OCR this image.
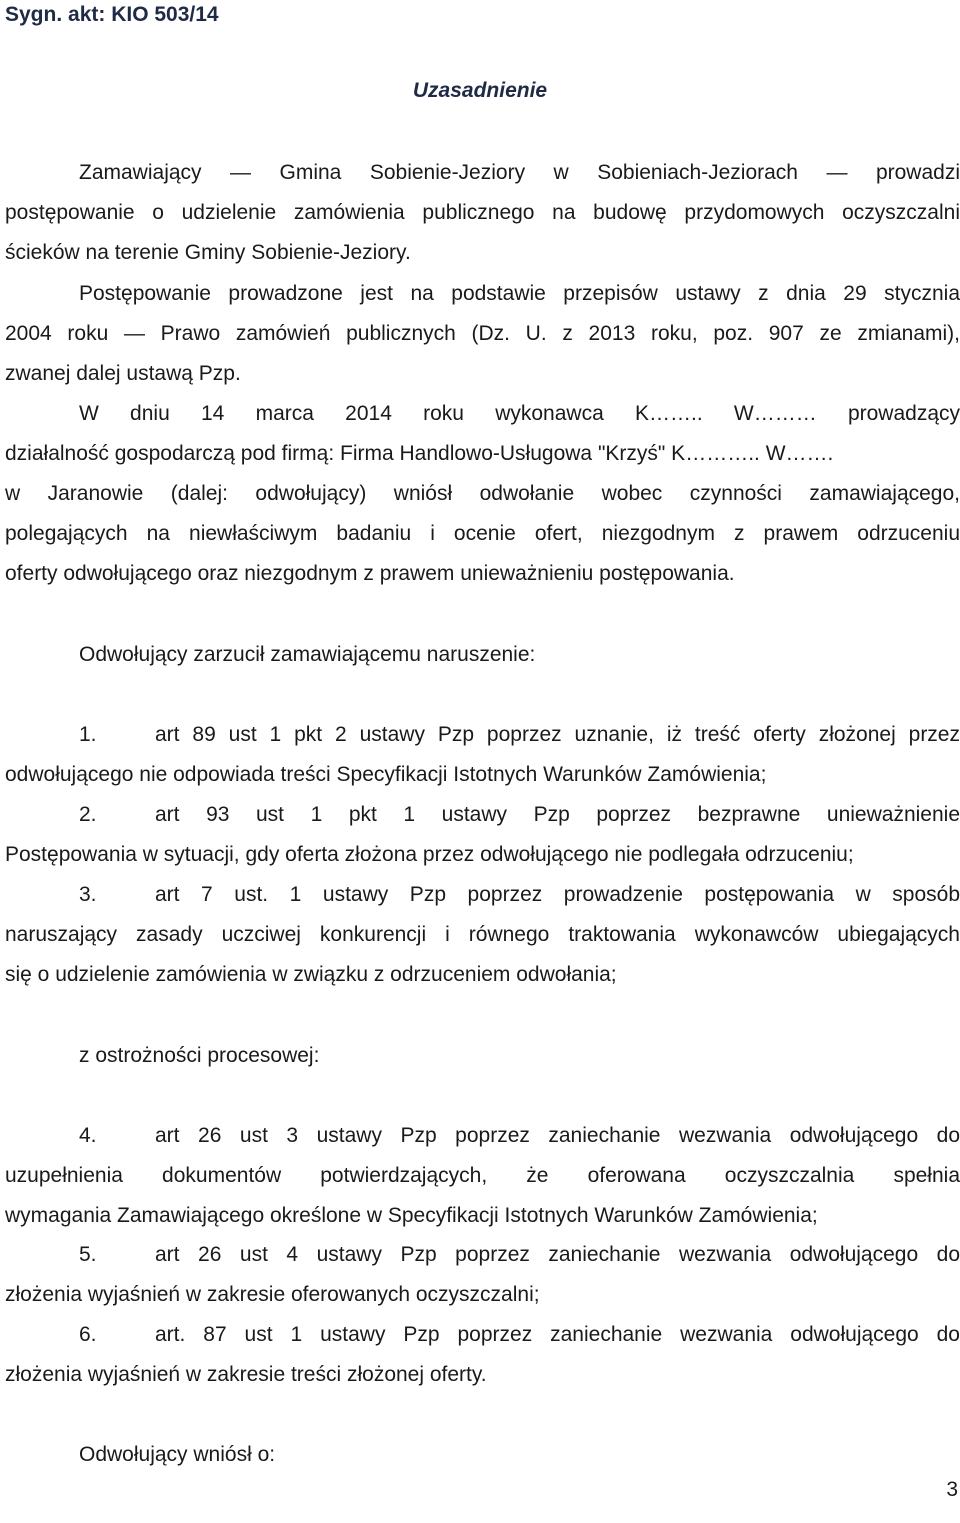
Sygn. akt: KIO 503/14
Uzasadnienie
Zamawiający — Gmina Sobienie-Jeziory w Sobieniach-Jeziorach — prowadzi
postępowanie o udzielenie zamówienia publicznego na budowę przydomowych oczyszczalni
ścieków na terenie Gminy Sobienie-Jeziory.
Postępowanie prowadzone jest na podstawie przepisów ustawy z dnia 29 stycznia
2004 roku — Prawo zamówień publicznych (Dz. U. z 2013 roku, poz. 907 ze zmianami),
zwanej dalej ustawą Pzp.
W dniu 14 marca 2014 roku wykonawca K…….. W……… prowadzący
działalność gospodarczą pod firmą: Firma Handlowo-Usługowa "Krzyś" K……….. W…….
w Jaranowie (dalej: odwołujący) wniósł odwołanie wobec czynności zamawiającego,
polegających na niewłaściwym badaniu i ocenie ofert, niezgodnym z prawem odrzuceniu
oferty odwołującego oraz niezgodnym z prawem unieważnieniu postępowania.
Odwołujący zarzucił zamawiającemu naruszenie:
1.	art 89 ust 1 pkt 2 ustawy Pzp poprzez uznanie, iż treść oferty złożonej przez
odwołującego nie odpowiada treści Specyfikacji Istotnych Warunków Zamówienia;
2.	art 93 ust 1 pkt 1 ustawy Pzp poprzez bezprawne unieważnienie
Postępowania w sytuacji, gdy oferta złożona przez odwołującego nie podlegała odrzuceniu;
3.	art 7 ust. 1 ustawy Pzp poprzez prowadzenie postępowania w sposób
naruszający zasady uczciwej konkurencji i równego traktowania wykonawców ubiegających
się o udzielenie zamówienia w związku z odrzuceniem odwołania;
z ostrożności procesowej:
4.	art 26 ust 3 ustawy Pzp poprzez zaniechanie wezwania odwołującego do
uzupełnienia dokumentów potwierdzających, że oferowana oczyszczalnia spełnia
wymagania Zamawiającego określone w Specyfikacji Istotnych Warunków Zamówienia;
5.	art 26 ust 4 ustawy Pzp poprzez zaniechanie wezwania odwołującego do
złożenia wyjaśnień w zakresie oferowanych oczyszczalni;
6.	art. 87 ust 1 ustawy Pzp poprzez zaniechanie wezwania odwołującego do
złożenia wyjaśnień w zakresie treści złożonej oferty.
Odwołujący wniósł o:
3
